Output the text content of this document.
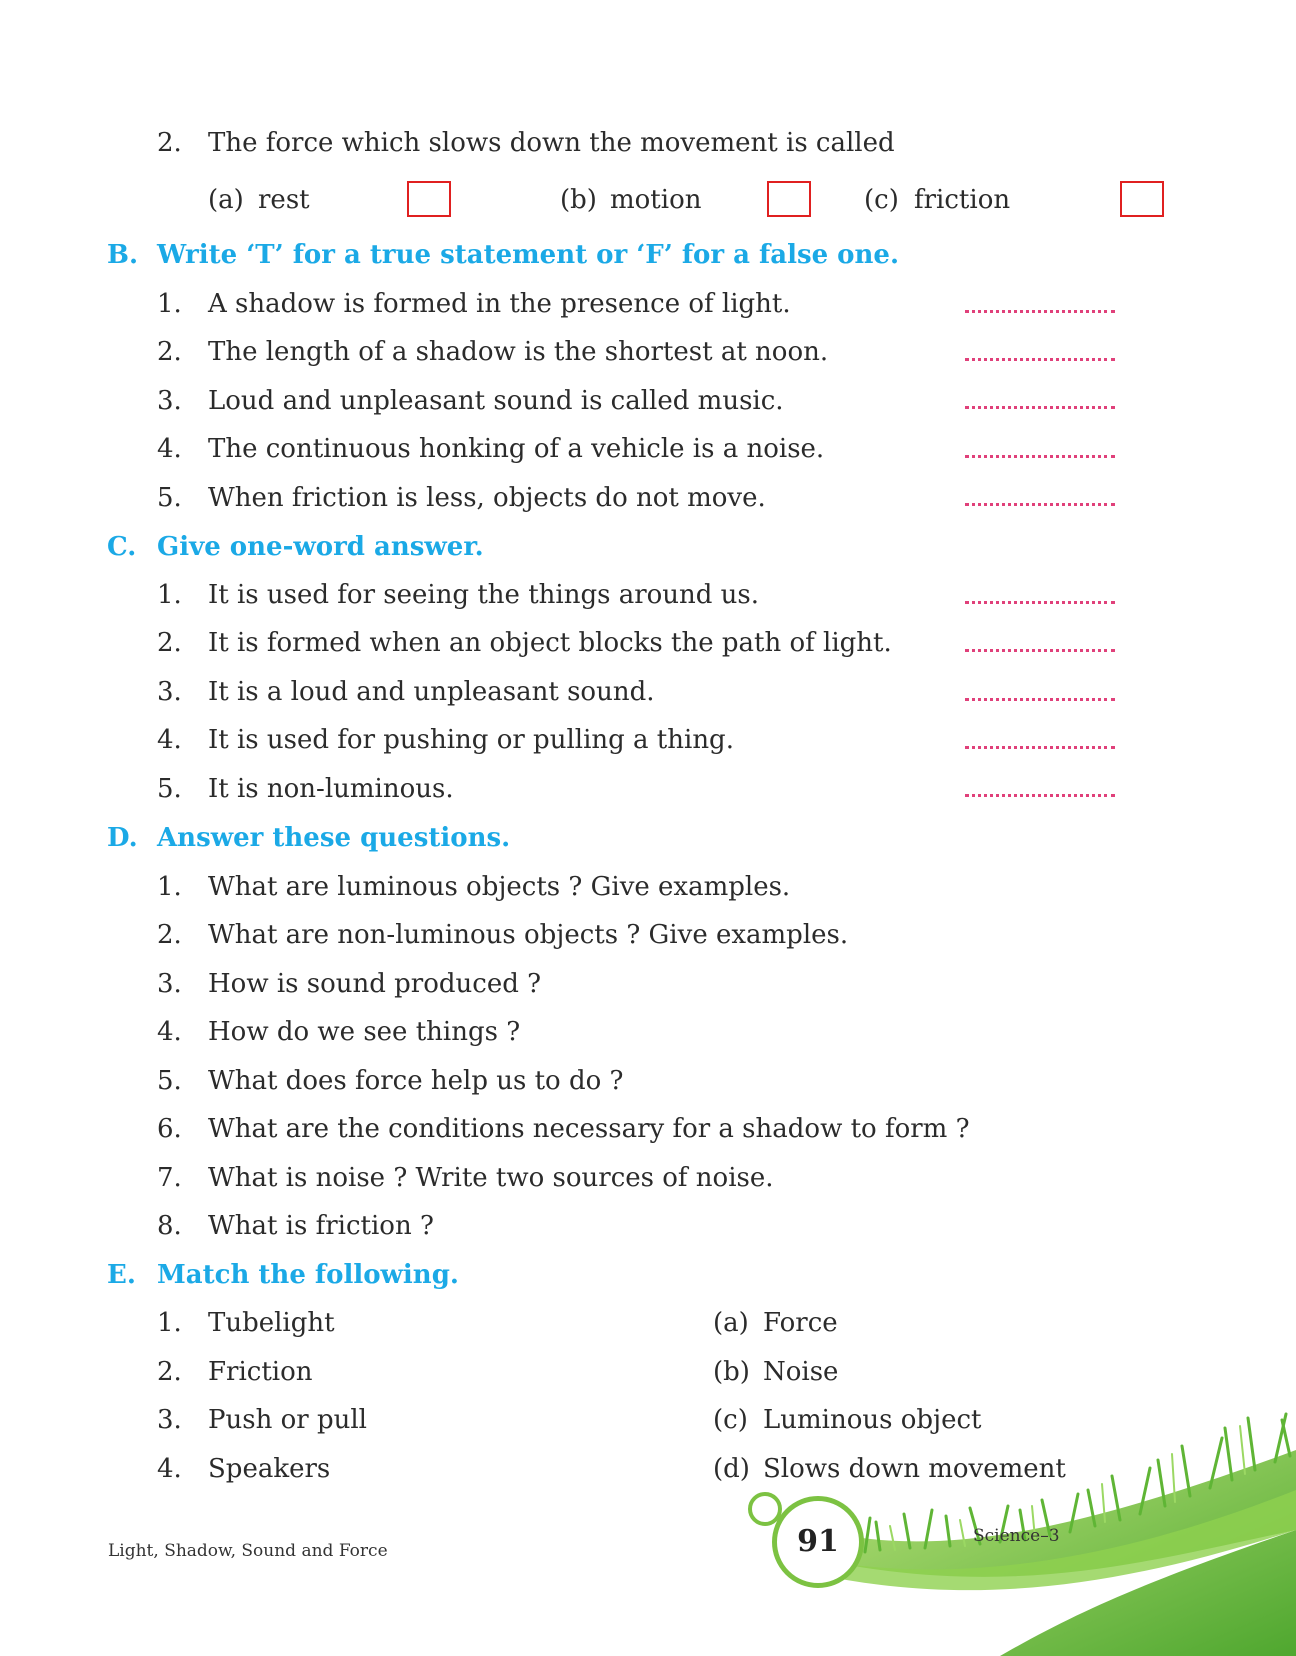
2. The force which slows down the movement is called
(a) rest	(b) motion	(c) friction
B. Write ‘T’ for a true statement or ‘F’ for a false one.
1. A shadow is formed in the presence of light.
2. The length of a shadow is the shortest at noon.
3. Loud and unpleasant sound is called music.
4. The continuous honking of a vehicle is a noise.
5. When friction is less, objects do not move.
C. Give one-word answer.
1. It is used for seeing the things around us.
2. It is formed when an object blocks the path of light.
3. It is a loud and unpleasant sound.
4. It is used for pushing or pulling a thing.
5. It is non-luminous.
D. Answer these questions.
1. What are luminous objects ? Give examples.
2. What are non-luminous objects ? Give examples.
3. How is sound produced ?
4. How do we see things ?
5. What does force help us to do ?
6. What are the conditions necessary for a shadow to form ?
7. What is noise ? Write two sources of noise.
8. What is friction ?
E. Match the following.
1. Tubelight
2. Friction
3. Push or pull
4. Speakers
(a) Force
(b) Noise
(c) Luminous object
(d) Slows down movement
91
Light, Shadow, Sound and Force
Science–3
